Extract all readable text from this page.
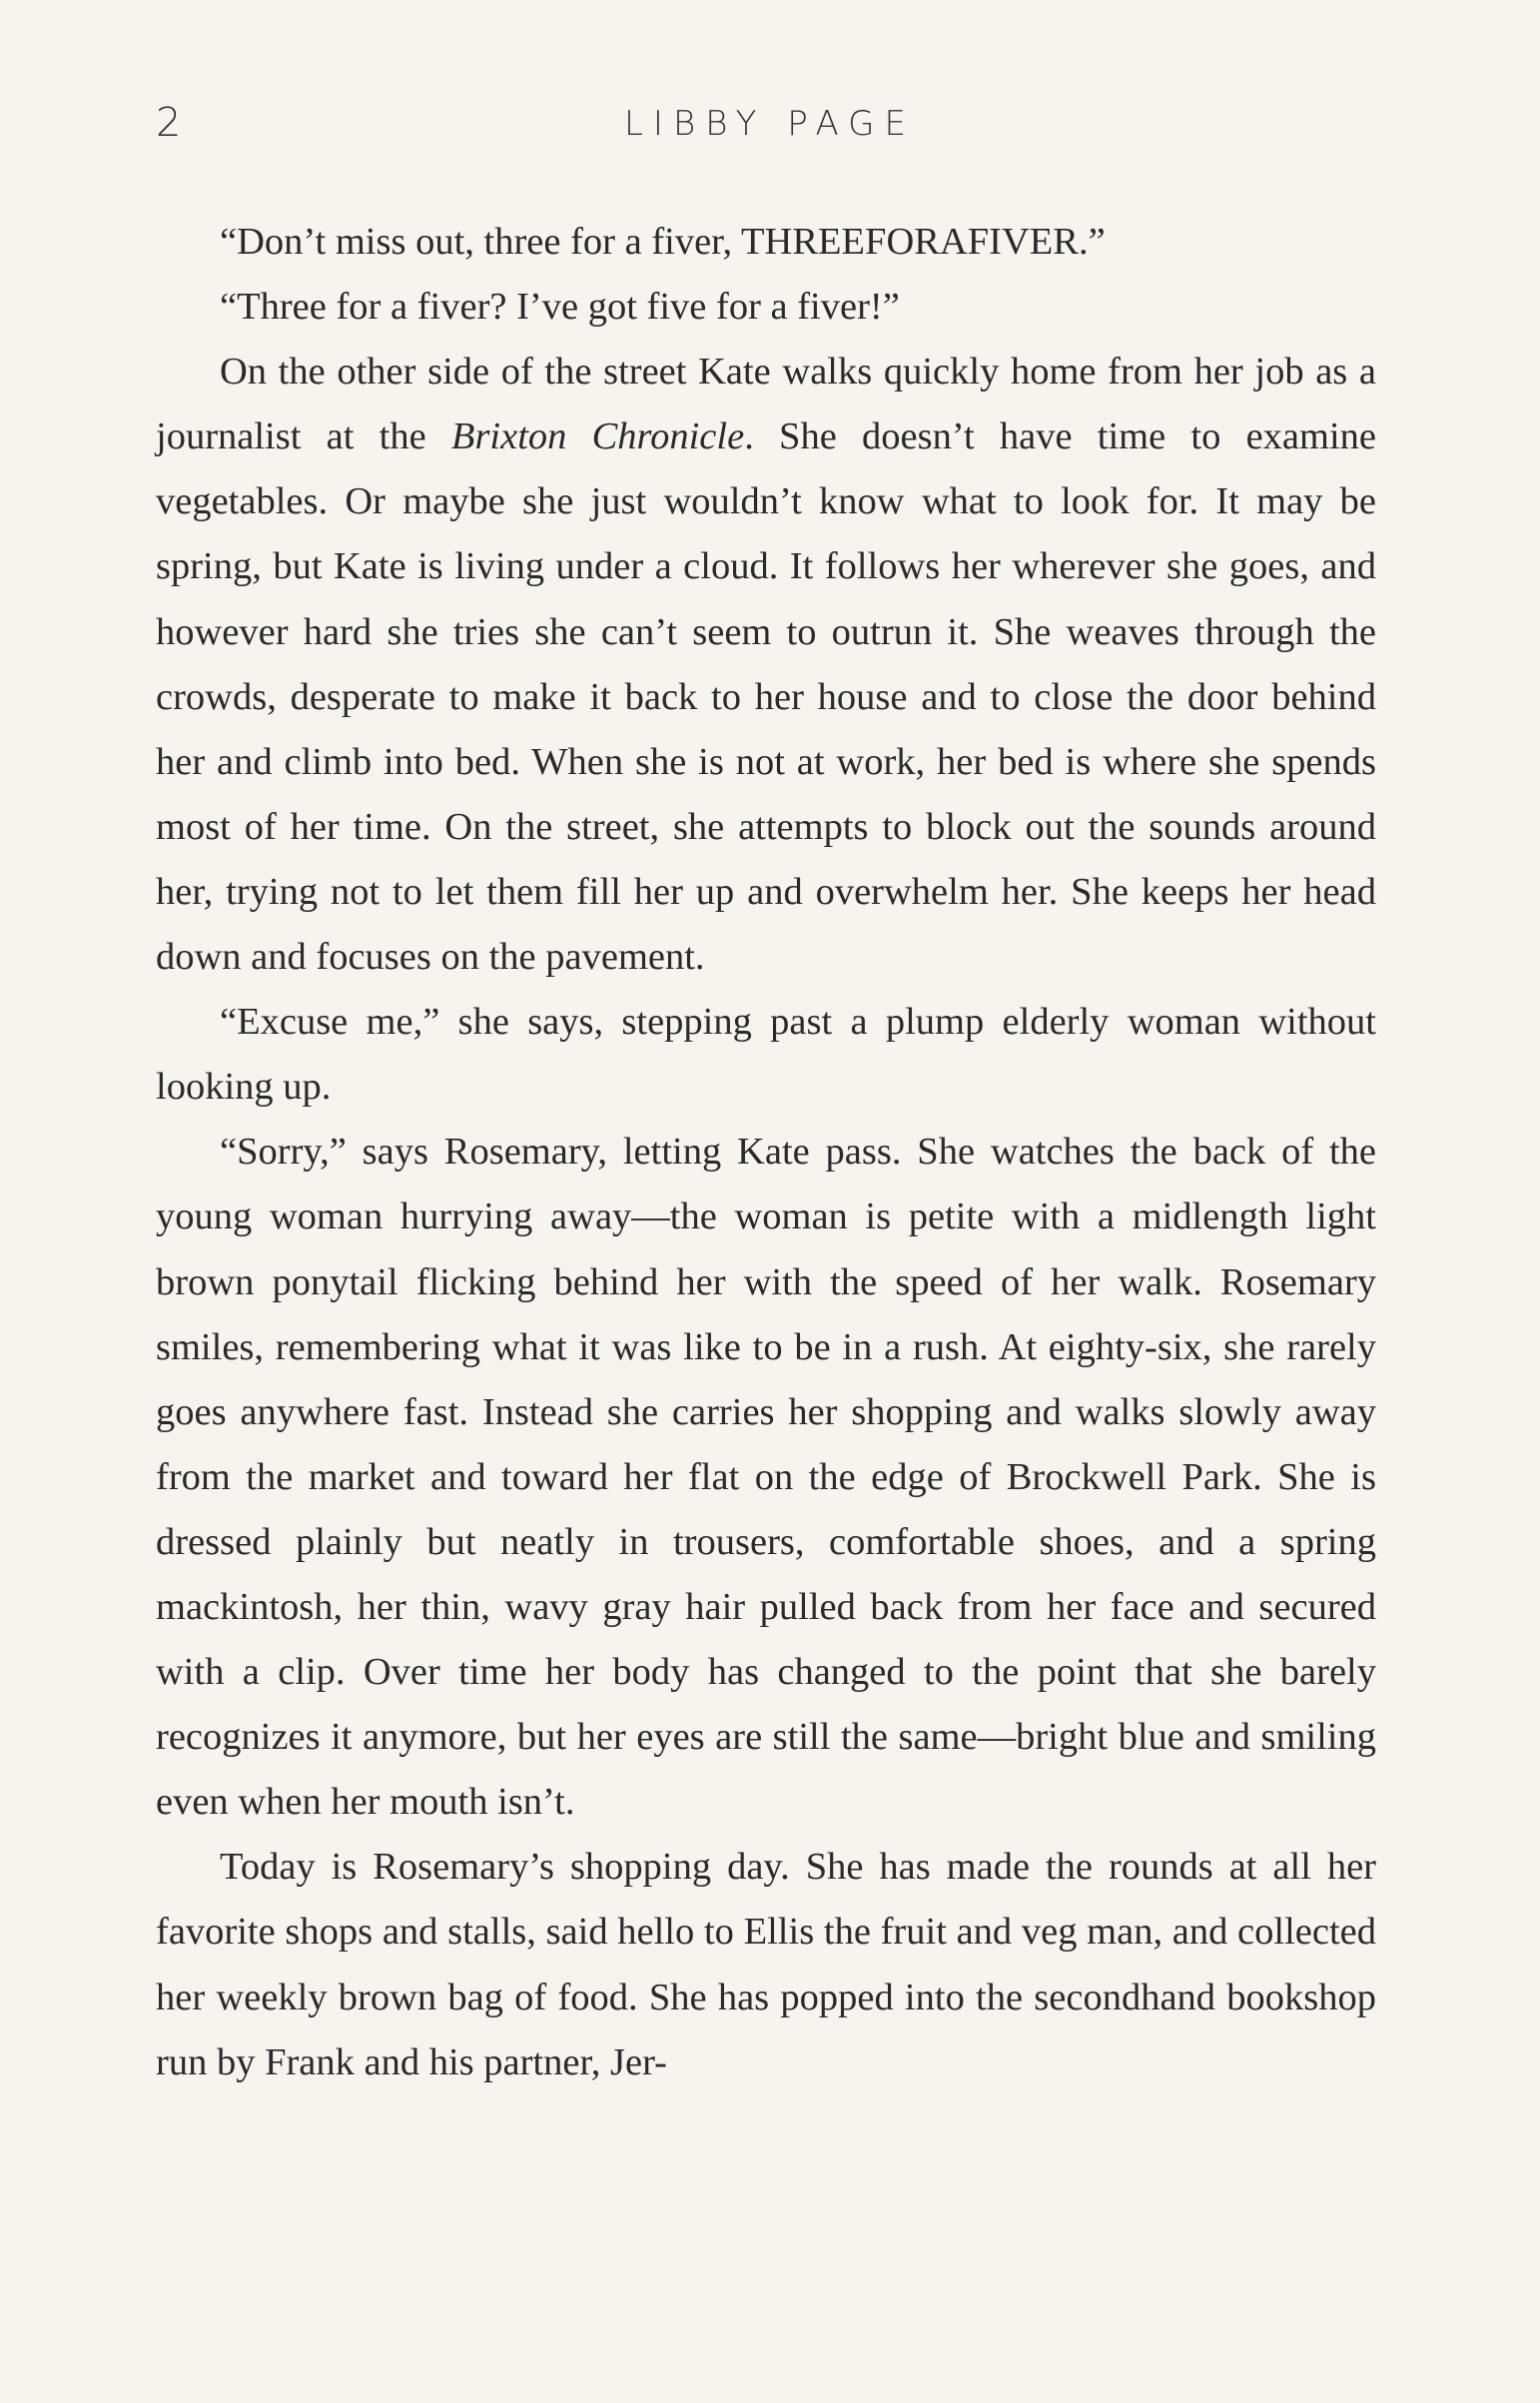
2	LIBBY PAGE

“Don’t miss out, three for a fiver, THREEFORAFIVER.”

“Three for a fiver? I’ve got five for a fiver!”

On the other side of the street Kate walks quickly home from her job as a journalist at the Brixton Chronicle. She doesn’t have time to examine vegetables. Or maybe she just wouldn’t know what to look for. It may be spring, but Kate is living under a cloud. It follows her wherever she goes, and however hard she tries she can’t seem to outrun it. She weaves through the crowds, desperate to make it back to her house and to close the door behind her and climb into bed. When she is not at work, her bed is where she spends most of her time. On the street, she attempts to block out the sounds around her, trying not to let them fill her up and overwhelm her. She keeps her head down and focuses on the pavement.

“Excuse me,” she says, stepping past a plump elderly woman without looking up.

“Sorry,” says Rosemary, letting Kate pass. She watches the back of the young woman hurrying away—the woman is petite with a midlength light brown ponytail flicking behind her with the speed of her walk. Rosemary smiles, remembering what it was like to be in a rush. At eighty-six, she rarely goes anywhere fast. Instead she carries her shopping and walks slowly away from the market and toward her flat on the edge of Brockwell Park. She is dressed plainly but neatly in trousers, comfortable shoes, and a spring mackintosh, her thin, wavy gray hair pulled back from her face and secured with a clip. Over time her body has changed to the point that she barely recognizes it anymore, but her eyes are still the same—bright blue and smiling even when her mouth isn’t.

Today is Rosemary’s shopping day. She has made the rounds at all her favorite shops and stalls, said hello to Ellis the fruit and veg man, and collected her weekly brown bag of food. She has popped into the secondhand bookshop run by Frank and his partner, Jer-
